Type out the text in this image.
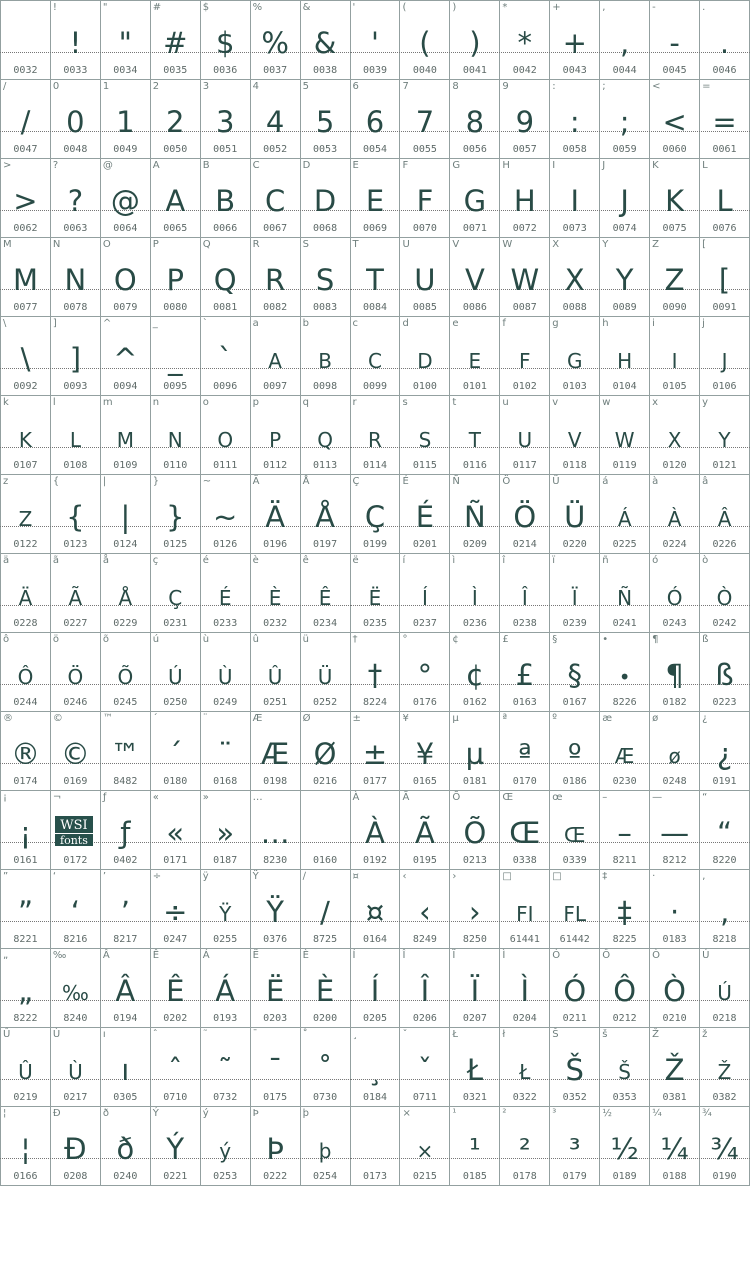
0032
!
!
0033
"
"
0034
#
#
0035
$
$
0036
%
%
0037
&
&
0038
'
'
0039
(
(
0040
)
)
0041
*
*
0042
+
+
0043
,
,
0044
-
-
0045
.
.
0046
/
/
0047
0
0
0048
1
1
0049
2
2
0050
3
3
0051
4
4
0052
5
5
0053
6
6
0054
7
7
0055
8
8
0056
9
9
0057
:
:
0058
;
;
0059
<
<
0060
=
=
0061
>
>
0062
?
?
0063
@
@
0064
A
A
0065
B
B
0066
C
C
0067
D
D
0068
E
E
0069
F
F
0070
G
G
0071
H
H
0072
I
I
0073
J
J
0074
K
K
0075
L
L
0076
M
M
0077
N
N
0078
O
O
0079
P
P
0080
Q
Q
0081
R
R
0082
S
S
0083
T
T
0084
U
U
0085
V
V
0086
W
W
0087
X
X
0088
Y
Y
0089
Z
Z
0090
[
[
0091
\
\
0092
]
]
0093
^
^
0094
_
_
0095
`
`
0096
a
A
0097
b
B
0098
c
C
0099
d
D
0100
e
E
0101
f
F
0102
g
G
0103
h
H
0104
i
I
0105
j
J
0106
k
K
0107
l
L
0108
m
M
0109
n
N
0110
o
O
0111
p
P
0112
q
Q
0113
r
R
0114
s
S
0115
t
T
0116
u
U
0117
v
V
0118
w
W
0119
x
X
0120
y
Y
0121
z
Z
0122
{
{
0123
|
|
0124
}
}
0125
~
~
0126
Ä
Ä
0196
Å
Å
0197
Ç
Ç
0199
É
É
0201
Ñ
Ñ
0209
Ö
Ö
0214
Ü
Ü
0220
á
Á
0225
à
À
0224
â
Â
0226
ä
Ä
0228
ã
Ã
0227
å
Å
0229
ç
Ç
0231
é
É
0233
è
È
0232
ê
Ê
0234
ë
Ë
0235
í
Í
0237
ì
Ì
0236
î
Î
0238
ï
Ï
0239
ñ
Ñ
0241
ó
Ó
0243
ò
Ò
0242
ô
Ô
0244
ö
Ö
0246
õ
Õ
0245
ú
Ú
0250
ù
Ù
0249
û
Û
0251
ü
Ü
0252
†
†
8224
°
°
0176
¢
¢
0162
£
£
0163
§
§
0167
•
•
8226
¶
¶
0182
ß
ß
0223
®
®
0174
©
©
0169
™
™
8482
´
´
0180
¨
¨
0168
Æ
Æ
0198
Ø
Ø
0216
±
±
0177
¥
¥
0165
µ
µ
0181
ª
ª
0170
º
º
0186
æ
Æ
0230
ø
ø
0248
¿
¿
0191
¡
¡
0161
¬
WSI
fonts
0172
ƒ
ƒ
0402
«
«
0171
»
»
0187
…
…
8230	0160
À
À
0192
Ã
Ã
0195
Õ
Õ
0213
Œ
Œ
0338
œ
Œ
0339
–
–
8211
—
—
8212
“
“
8220
”
”
8221
‘
‘
8216
’
’
8217
÷
÷
0247
ÿ
Ÿ
0255
Ÿ
Ÿ
0376
∕
∕
8725
¤
¤
0164
‹
‹
8249
›
›
8250
□
FI
61441
□
FL
61442
‡
‡
8225
·
·
0183
‚
‚
8218
„
„
8222
‰
‰
8240
Â
Â
0194
Ê
Ê
0202
Á
Á
0193
Ë
Ë
0203
È
È
0200
Í
Í
0205
Î
Î
0206
Ï
Ï
0207
Ì
Ì
0204
Ó
Ó
0211
Ô
Ô
0212
Ò
Ò
0210
Ú
Ú
0218
Û
Û
0219
Ù
Ù
0217
ı
ı
0305
ˆ
ˆ
0710
˜
˜
0732
¯
¯
0175
˚
˚
0730
¸
¸
0184
ˇ
ˇ
0711
Ł
Ł
0321
ł
Ł
0322
Š
Š
0352
š
Š
0353
Ž
Ž
0381
ž
Ž
0382
¦
¦
0166
Ð
Ð
0208
ð
ð
0240
Ý
Ý
0221
ý
ý
0253
Þ
Þ
0222
þ
þ
0254	0173
×
×
0215
¹
¹
0185
²
²
0178
³
³
0179
½
½
0189
¼
¼
0188
¾
¾
0190
